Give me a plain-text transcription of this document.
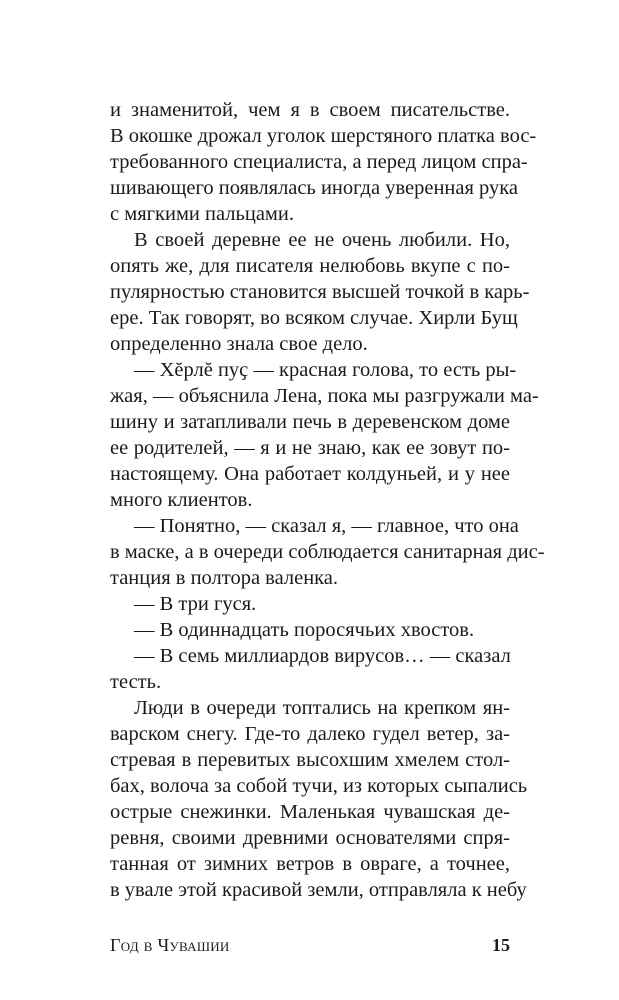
и знаменитой, чем я в своем писательстве.
В окошке дрожал уголок шерстяного платка вос-
требованного специалиста, а перед лицом спра-
шивающего появлялась иногда уверенная рука
с мягкими пальцами.
В своей деревне ее не очень любили. Но,
опять же, для писателя нелюбовь вкупе с по-
пулярностью становится высшей точкой в карь-
ере. Так говорят, во всяком случае. Хирли Бущ
определенно знала свое дело.
— Хĕрлĕ пуҫ — красная голова, то есть ры-
жая, — объяснила Лена, пока мы разгружали ма-
шину и затапливали печь в деревенском доме
ее родителей, — я и не знаю, как ее зовут по-
настоящему. Она работает колдуньей, и у нее
много клиентов.
— Понятно, — сказал я, — главное, что она
в маске, а в очереди соблюдается санитарная дис-
танция в полтора валенка.
— В три гуся.
— В одиннадцать поросячьих хвостов.
— В семь миллиардов вирусов… — сказал
тесть.
Люди в очереди топтались на крепком ян-
варском снегу. Где-то далеко гудел ветер, за-
стревая в перевитых высохшим хмелем стол-
бах, волоча за собой тучи, из которых сыпались
острые снежинки. Маленькая чувашская де-
ревня, своими древними основателями спря-
танная от зимних ветров в овраге, а точнее,
в увале этой красивой земли, отправляла к небу
Год в Чувашии	15
